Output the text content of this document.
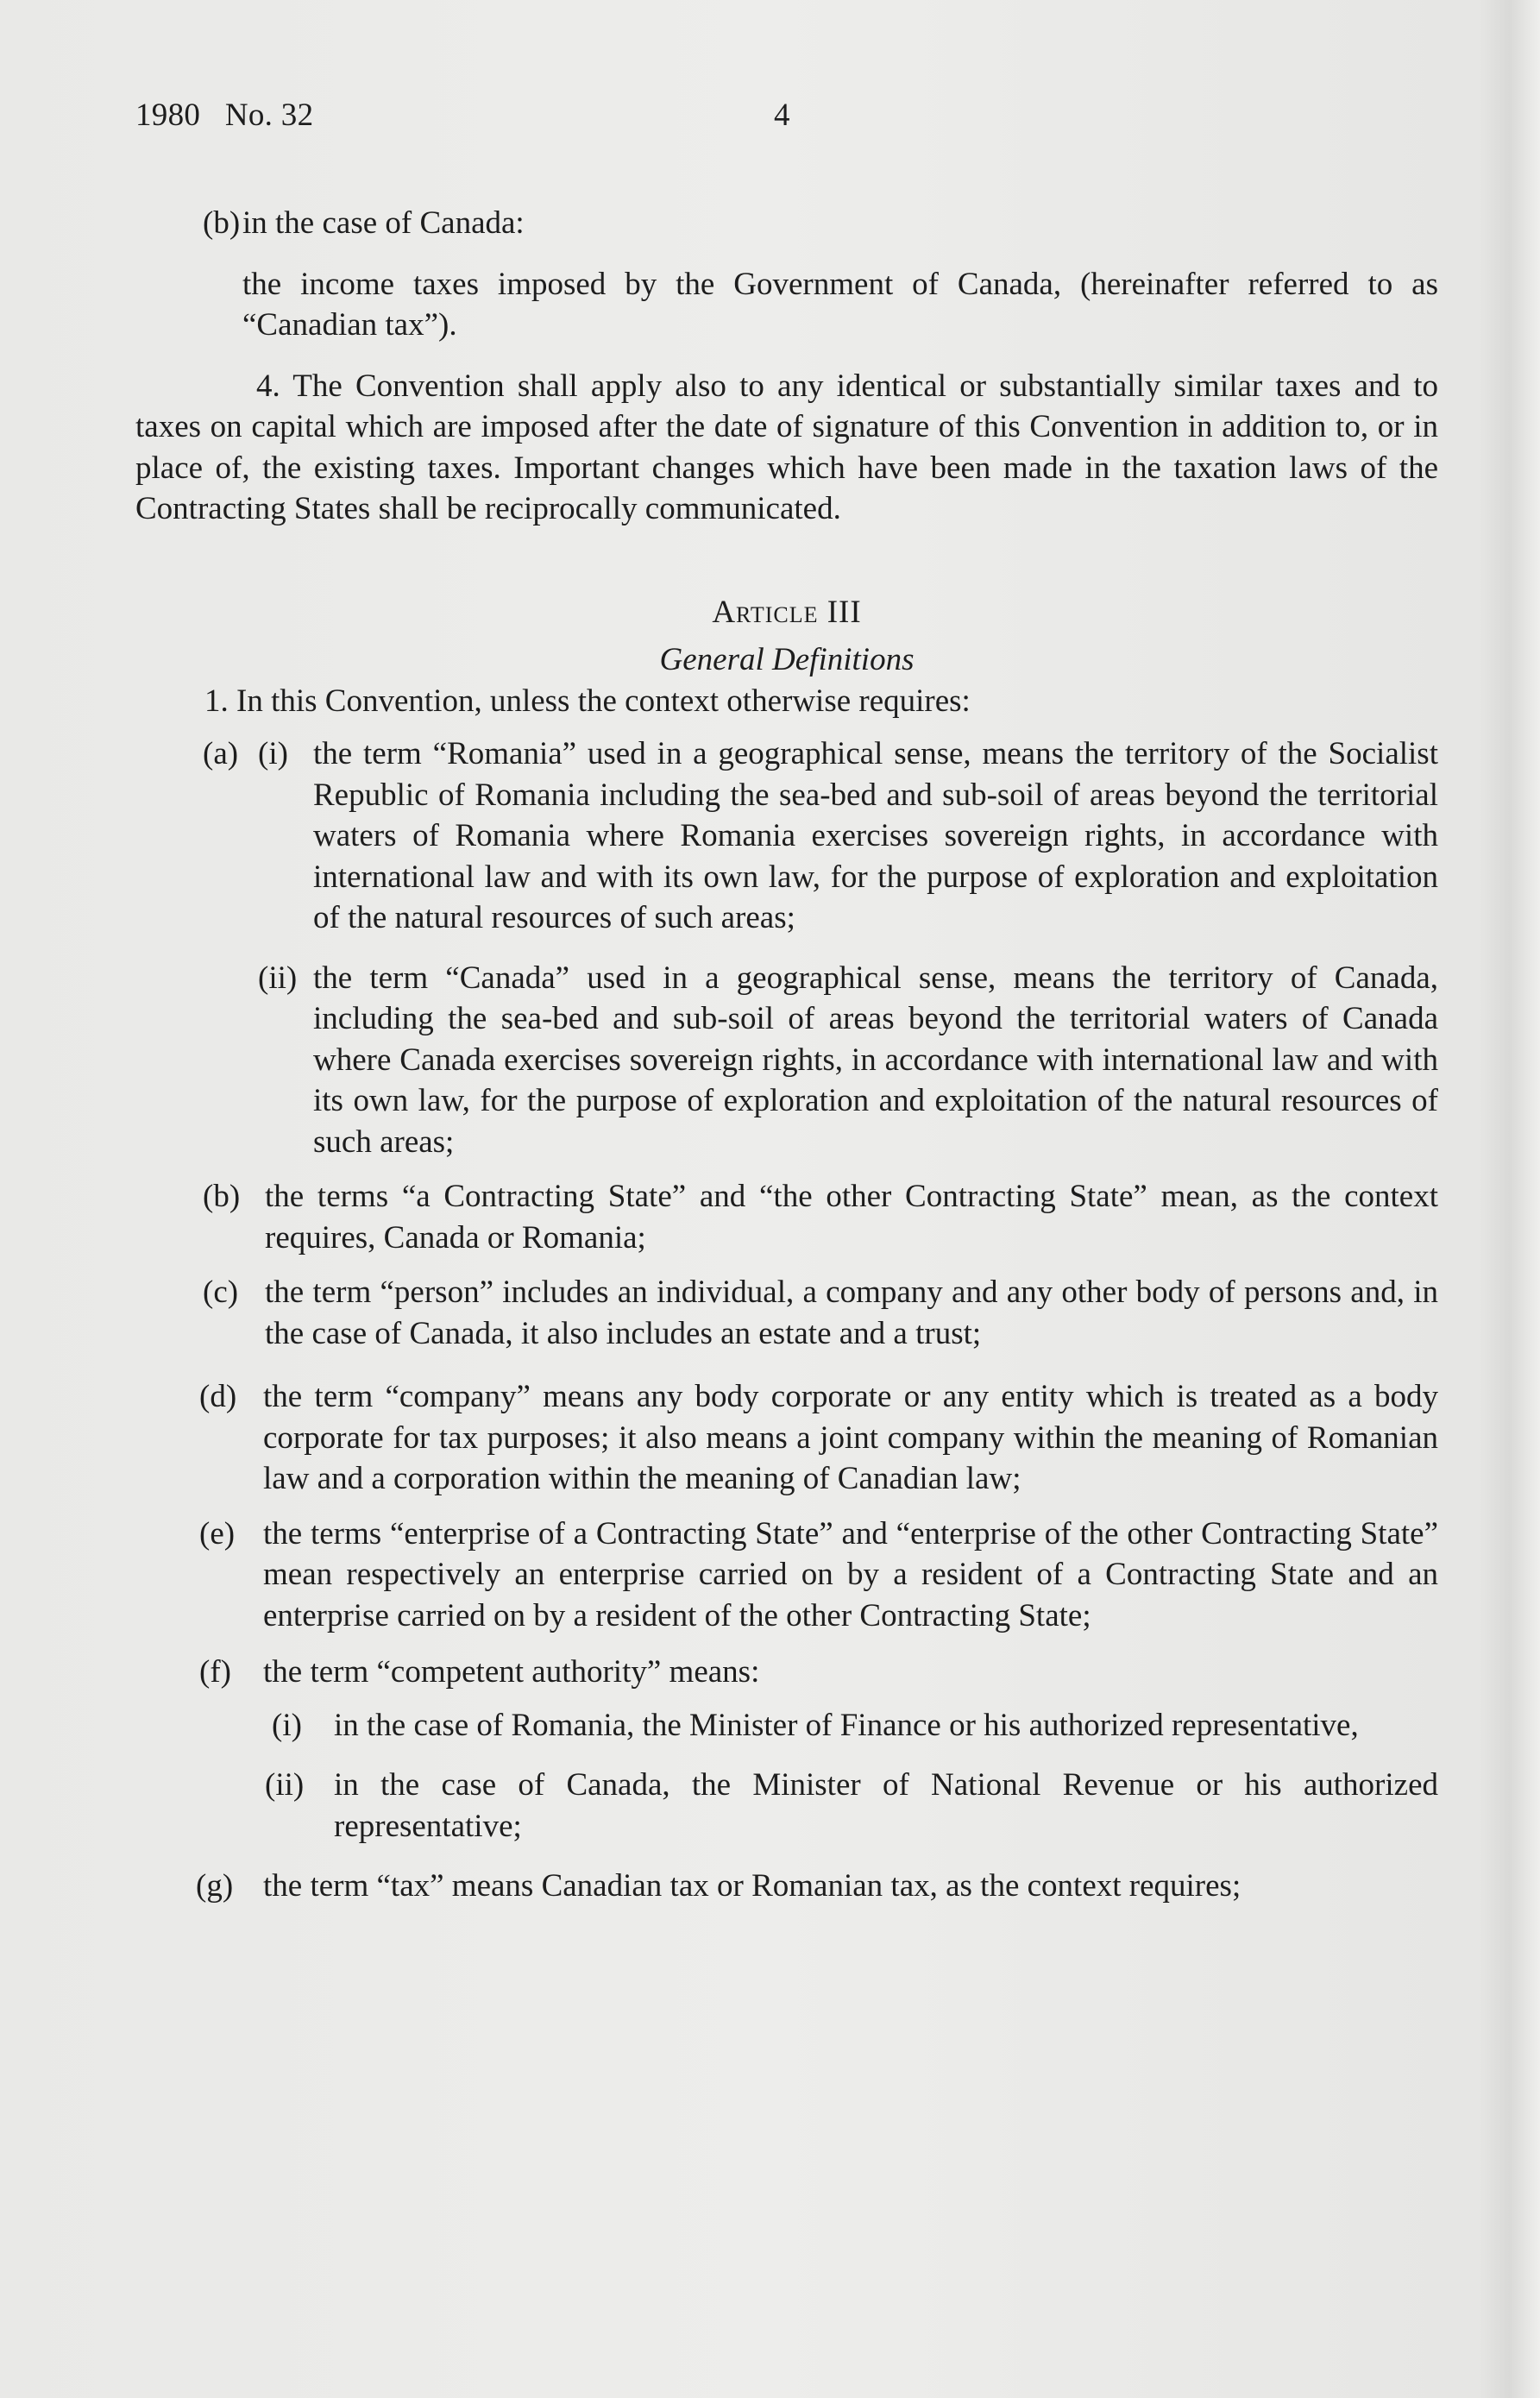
1980   No. 32	4
(b) in the case of Canada:

the income taxes imposed by the Government of Canada, (hereinafter referred to as “Canadian tax”).

4. The Convention shall apply also to any identical or substantially similar taxes and to taxes on capital which are imposed after the date of signature of this Convention in addition to, or in place of, the existing taxes. Important changes which have been made in the taxation laws of the Contracting States shall be reciprocally communicated.

Article III

General Definitions

1. In this Convention, unless the context otherwise requires:

(a) (i) the term “Romania” used in a geographical sense, means the territory of the Socialist Republic of Romania including the sea-bed and sub-soil of areas beyond the territorial waters of Romania where Romania exercises sovereign rights, in accordance with international law and with its own law, for the purpose of exploration and exploitation of the natural resources of such areas;
(ii) the term “Canada” used in a geographical sense, means the territory of Canada, including the sea-bed and sub-soil of areas beyond the territorial waters of Canada where Canada exercises sovereign rights, in accordance with international law and with its own law, for the purpose of exploration and exploitation of the natural resources of such areas;
(b) the terms “a Contracting State” and “the other Contracting State” mean, as the context requires, Canada or Romania;
(c) the term “person” includes an individual, a company and any other body of persons and, in the case of Canada, it also includes an estate and a trust;
(d) the term “company” means any body corporate or any entity which is treated as a body corporate for tax purposes; it also means a joint company within the meaning of Romanian law and a corporation within the meaning of Canadian law;
(e) the terms “enterprise of a Contracting State” and “enterprise of the other Contracting State” mean respectively an enterprise carried on by a resident of a Contracting State and an enterprise carried on by a resident of the other Contracting State;
(f)	the term “competent authority” means:
(i)	in the case of Romania, the Minister of Finance or his authorized representative,
(ii) in the case of Canada, the Minister of National Revenue or his authorized representative;
(g) the term “tax” means Canadian tax or Romanian tax, as the context requires;
